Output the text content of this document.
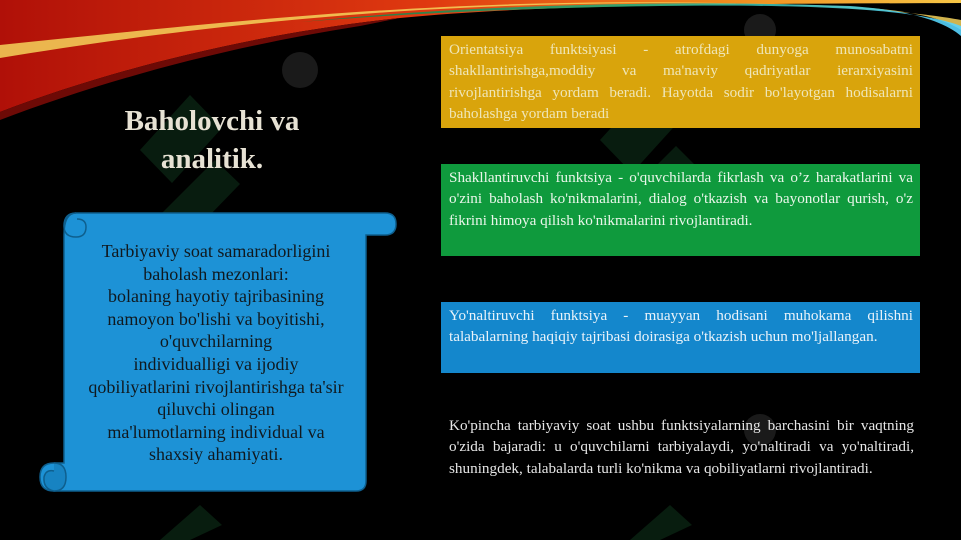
Baholovchi va
analitik.
Tarbiyaviy soat samaradorligini
baholash mezonlari:
bolaning hayotiy tajribasining
namoyon bo'lishi va boyitishi,
o'quvchilarning
individualligi va ijodiy
qobiliyatlarini rivojlantirishga ta'sir
qiluvchi olingan
ma'lumotlarning individual va
shaxsiy ahamiyati.
Orientatsiya funktsiyasi - atrofdagi dunyoga munosabatni shakllantirishga,moddiy va ma'naviy qadriyatlar ierarxiyasini rivojlantirishga yordam beradi. Hayotda sodir bo'layotgan hodisalarni baholashga yordam beradi
Shakllantiruvchi funktsiya - o'quvchilarda fikrlash va o’z harakatlarini va o'zini baholash ko'nikmalarini, dialog o'tkazish va bayonotlar qurish, o'z fikrini himoya qilish ko'nikmalarini rivojlantiradi.
Yo'naltiruvchi funktsiya - muayyan hodisani muhokama qilishni talabalarning haqiqiy tajribasi doirasiga o'tkazish uchun mo'ljallangan.
Ko'pincha tarbiyaviy soat ushbu funktsiyalarning barchasini bir vaqtning o'zida bajaradi: u o'quvchilarni tarbiyalaydi, yo'naltiradi va yo'naltiradi, shuningdek, talabalarda turli ko'nikma va qobiliyatlarni rivojlantiradi.
